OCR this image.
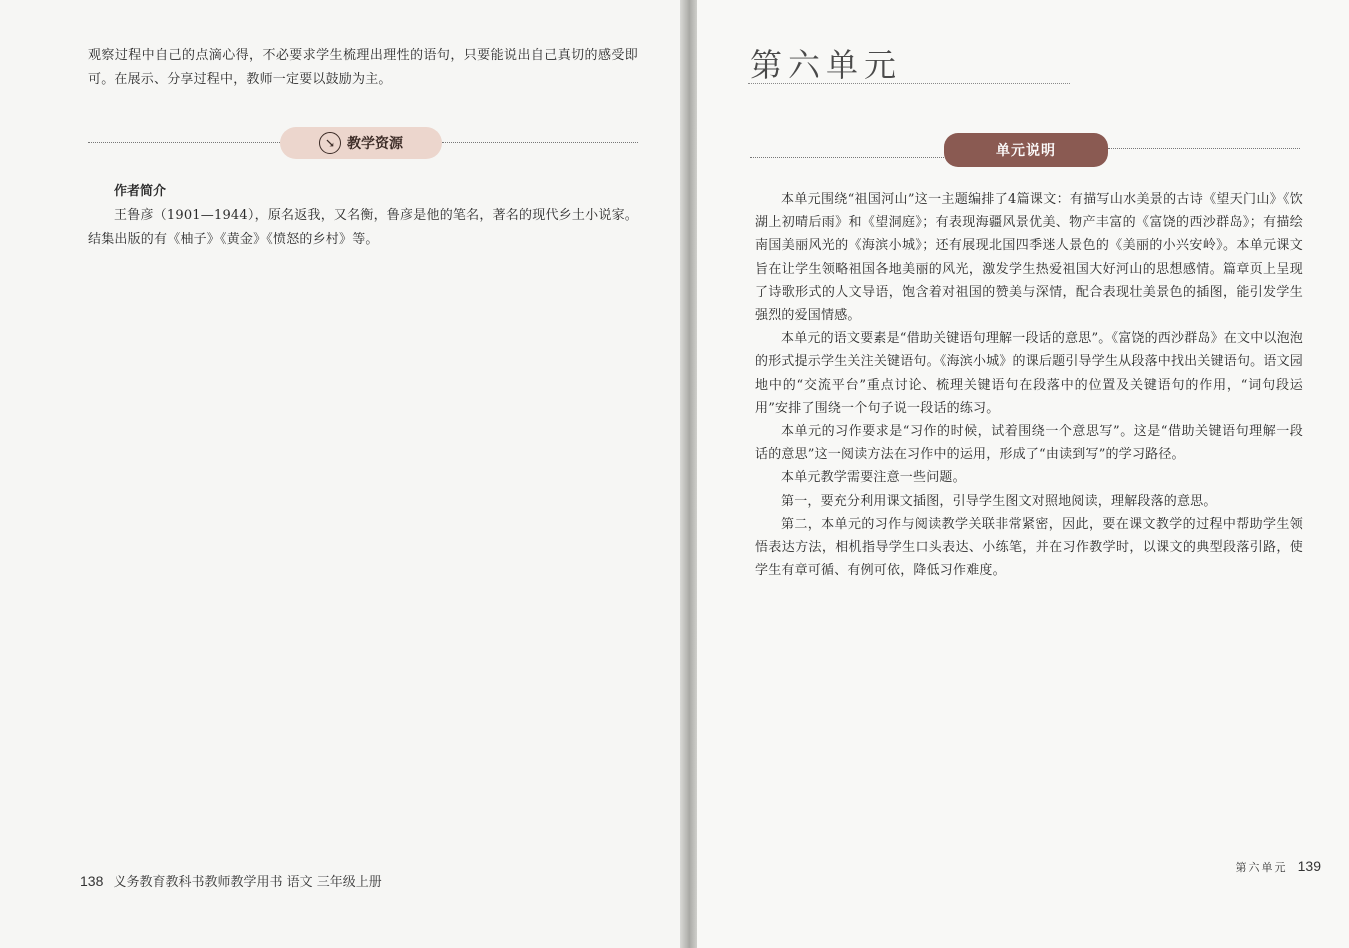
观察过程中自己的点滴心得，不必要求学生梳理出理性的语句，只要能说出自己真切的感受即可。在展示、分享过程中，教师一定要以鼓励为主。

↘ 教学资源
作者简介

王鲁彦（1901—1944），原名返我，又名衡，鲁彦是他的笔名，著名的现代乡土小说家。结集出版的有《柚子》《黄金》《愤怒的乡村》等。

138 义务教育教科书教师教学用书 语文 三年级上册
第六单元
单元说明

本单元围绕“祖国河山”这一主题编排了4篇课文：有描写山水美景的古诗《望天门山》《饮湖上初晴后雨》和《望洞庭》；有表现海疆风景优美、物产丰富的《富饶的西沙群岛》；有描绘南国美丽风光的《海滨小城》；还有展现北国四季迷人景色的《美丽的小兴安岭》。本单元课文旨在让学生领略祖国各地美丽的风光，激发学生热爱祖国大好河山的思想感情。篇章页上呈现了诗歌形式的人文导语，饱含着对祖国的赞美与深情，配合表现壮美景色的插图，能引发学生强烈的爱国情感。

本单元的语文要素是“借助关键语句理解一段话的意思”。《富饶的西沙群岛》在文中以泡泡的形式提示学生关注关键语句。《海滨小城》的课后题引导学生从段落中找出关键语句。语文园地中的“交流平台”重点讨论、梳理关键语句在段落中的位置及关键语句的作用，“词句段运用”安排了围绕一个句子说一段话的练习。

本单元的习作要求是“习作的时候，试着围绕一个意思写”。这是“借助关键语句理解一段话的意思”这一阅读方法在习作中的运用，形成了“由读到写”的学习路径。

本单元教学需要注意一些问题。

第一，要充分利用课文插图，引导学生图文对照地阅读，理解段落的意思。

第二，本单元的习作与阅读教学关联非常紧密，因此，要在课文教学的过程中帮助学生领悟表达方法，相机指导学生口头表达、小练笔，并在习作教学时，以课文的典型段落引路，使学生有章可循、有例可依，降低习作难度。

第六单元 139
